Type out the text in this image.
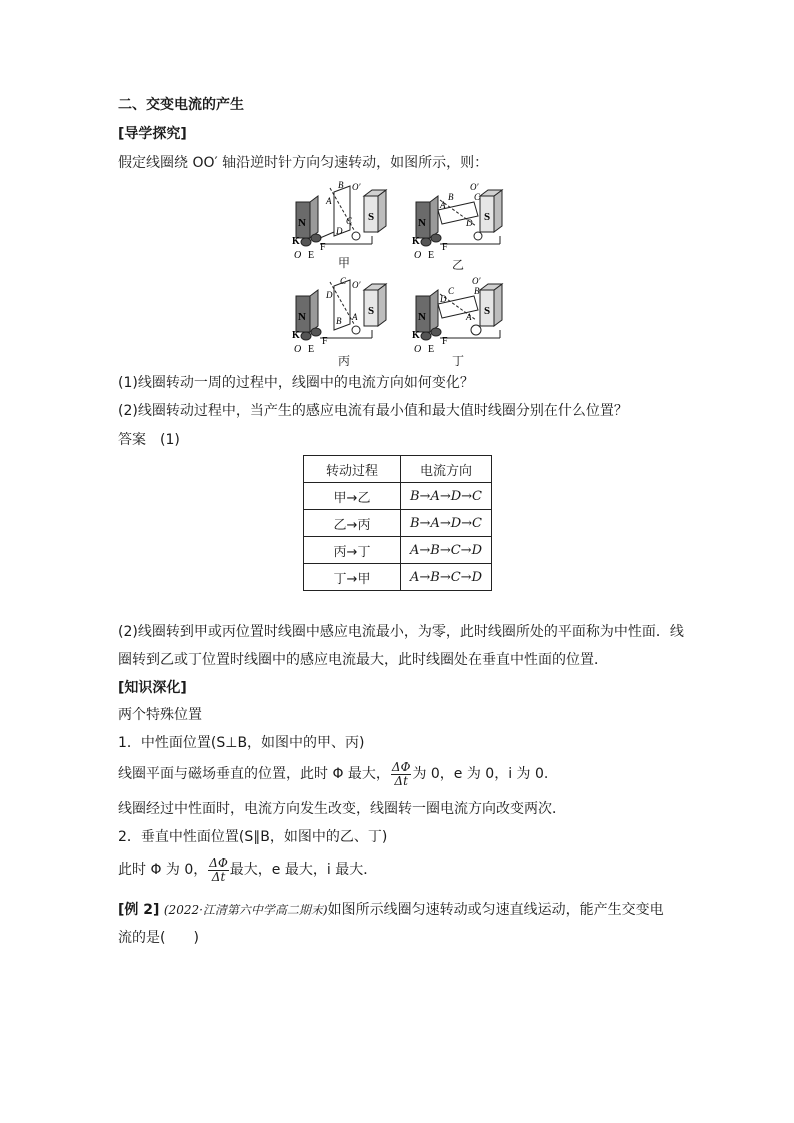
二、交变电流的产生
[导学探究]
假定线圈绕 OO′ 轴沿逆时针方向匀速转动，如图所示，则：
N	S
K
O E
F
A
B
C
D
O′
甲
N	S
K
O E
F
A
B C
D
O′
乙
N	S
K
O E
F
C
D
B A
O′
丙
N	S
K
O E
F
D
C B
A
O′
丁
(1)线圈转动一周的过程中，线圈中的电流方向如何变化？
(2)线圈转动过程中，当产生的感应电流有最小值和最大值时线圈分别在什么位置？
答案　(1)
转动过程	电流方向
甲→乙	B→A→D→C
乙→丙	B→A→D→C
丙→丁	A→B→C→D
丁→甲	A→B→C→D
(2)线圈转到甲或丙位置时线圈中感应电流最小，为零，此时线圈所处的平面称为中性面．线
圈转到乙或丁位置时线圈中的感应电流最大，此时线圈处在垂直中性面的位置．
[知识深化]
两个特殊位置
1．中性面位置(S⊥B，如图中的甲、丙)
线圈平面与磁场垂直的位置，此时 Φ 最大， $\frac{\Delta\Phi}{\Delta t}$ 为 0，e 为 0，i 为 0.
线圈经过中性面时，电流方向发生改变，线圈转一圈电流方向改变两次．
2．垂直中性面位置(S∥B，如图中的乙、丁)
此时 Φ 为 0， $\frac{\Delta\Phi}{\Delta t}$ 最大，e 最大，i 最大．
[例 2] (2022·江清第六中学高二期末)如图所示线圈匀速转动或匀速直线运动，能产生交变电
流的是(　　)
